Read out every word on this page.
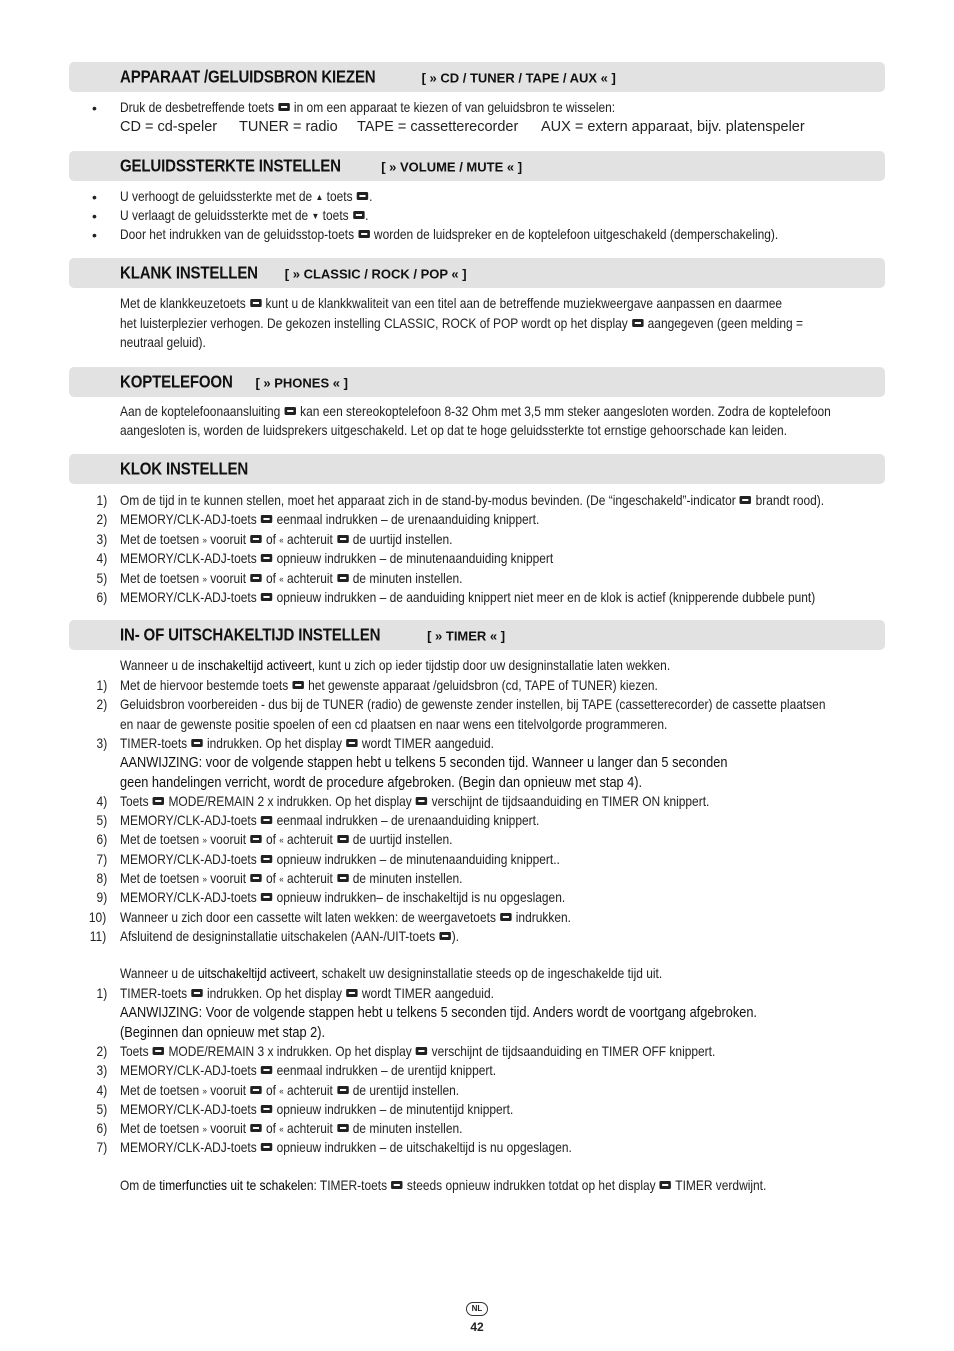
APPARAAT /GELUIDSBRON KIEZEN	[ » CD / TUNER / TAPE / AUX « ]
GELUIDSSTERKTE INSTELLEN	[ » VOLUME / MUTE « ]
KLANK INSTELLEN [ » CLASSIC / ROCK / POP « ]
KOPTELEFOON [ » PHONES « ]
KLOK INSTELLEN
IN- OF UITSCHAKELTIJD INSTELLEN	[ » TIMER « ]
• Druk de desbetreffende toets  in om een apparaat te kiezen of van geluidsbron te wisselen:
CD = cd-speler TUNER = radio TAPE = cassetterecorder AUX = extern apparaat, bijv. platenspeler
• U verhoogt de geluidssterkte met de ▲ toets .
• U verlaagt de geluidssterkte met de ▼ toets .
• Door het indrukken van de geluidsstop-toets  worden de luidspreker en de koptelefoon uitgeschakeld (demperschakeling).
Met de klankkeuzetoets  kunt u de klankkwaliteit van een titel aan de betreffende muziekweergave aanpassen en daarmee
het luisterplezier verhogen. De gekozen instelling CLASSIC, ROCK of POP wordt op het display  aangegeven (geen melding =
neutraal geluid).
Aan de koptelefoonaansluiting  kan een stereokoptelefoon 8-32 Ohm met 3,5 mm steker aangesloten worden. Zodra de koptelefoon
aangesloten is, worden de luidsprekers uitgeschakeld. Let op dat te hoge geluidssterkte tot ernstige gehoorschade kan leiden.
1) Om de tijd in te kunnen stellen, moet het apparaat zich in de stand-by-modus bevinden. (De “ingeschakeld”-indicator  brandt rood).
2) MEMORY/CLK-ADJ-toets  eenmaal indrukken – de urenaanduiding knippert.
3) Met de toetsen » vooruit  of « achteruit  de uurtijd instellen.
4) MEMORY/CLK-ADJ-toets  opnieuw indrukken – de minutenaanduiding knippert
5) Met de toetsen » vooruit  of « achteruit  de minuten instellen.
6) MEMORY/CLK-ADJ-toets  opnieuw indrukken – de aanduiding knippert niet meer en de klok is actief (knipperende dubbele punt)
Wanneer u de inschakeltijd activeert, kunt u zich op ieder tijdstip door uw designinstallatie laten wekken.
1) Met de hiervoor bestemde toets  het gewenste apparaat /geluidsbron (cd, TAPE of TUNER) kiezen.
2) Geluidsbron voorbereiden - dus bij de TUNER (radio) de gewenste zender instellen, bij TAPE (cassetterecorder) de cassette plaatsen
en naar de gewenste positie spoelen of een cd plaatsen en naar wens een titelvolgorde programmeren.
3) TIMER-toets  indrukken. Op het display  wordt TIMER aangeduid.
AANWIJZING: voor de volgende stappen hebt u telkens 5 seconden tijd. Wanneer u langer dan 5 seconden
geen handelingen verricht, wordt de procedure afgebroken. (Begin dan opnieuw met stap 4).
4) Toets  MODE/REMAIN 2 x indrukken. Op het display  verschijnt de tijdsaanduiding en TIMER ON knippert.
5) MEMORY/CLK-ADJ-toets  eenmaal indrukken – de urenaanduiding knippert.
6) Met de toetsen » vooruit  of « achteruit  de uurtijd instellen.
7) MEMORY/CLK-ADJ-toets  opnieuw indrukken – de minutenaanduiding knippert..
8) Met de toetsen » vooruit  of « achteruit  de minuten instellen.
9) MEMORY/CLK-ADJ-toets  opnieuw indrukken– de inschakeltijd is nu opgeslagen.
10) Wanneer u zich door een cassette wilt laten wekken: de weergavetoets  indrukken.
11) Afsluitend de designinstallatie uitschakelen (AAN-/UIT-toets ).
Wanneer u de uitschakeltijd activeert, schakelt uw designinstallatie steeds op de ingeschakelde tijd uit.
1) TIMER-toets  indrukken. Op het display  wordt TIMER aangeduid.
AANWIJZING: Voor de volgende stappen hebt u telkens 5 seconden tijd. Anders wordt de voortgang afgebroken.
(Beginnen dan opnieuw met stap 2).
2) Toets  MODE/REMAIN 3 x indrukken. Op het display  verschijnt de tijdsaanduiding en TIMER OFF knippert.
3) MEMORY/CLK-ADJ-toets  eenmaal indrukken – de urentijd knippert.
4) Met de toetsen » vooruit  of « achteruit  de urentijd instellen.
5) MEMORY/CLK-ADJ-toets  opnieuw indrukken – de minutentijd knippert.
6) Met de toetsen » vooruit  of « achteruit  de minuten instellen.
7) MEMORY/CLK-ADJ-toets  opnieuw indrukken – de uitschakeltijd is nu opgeslagen.
Om de timerfuncties uit te schakelen: TIMER-toets  steeds opnieuw indrukken totdat op het display  TIMER verdwijnt.
NL
42
